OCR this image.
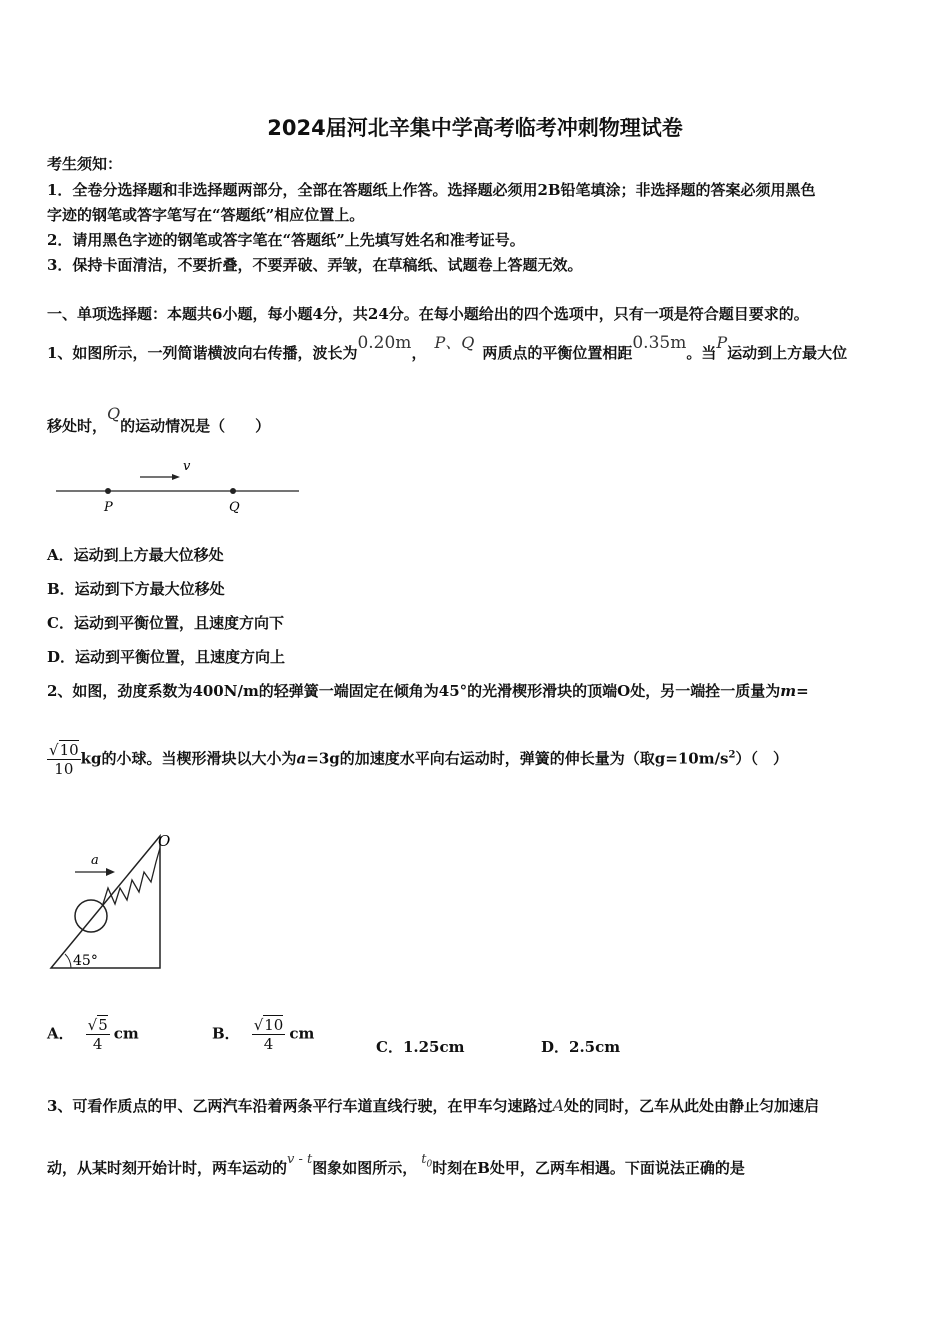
2024届河北辛集中学高考临考冲刺物理试卷
考生须知：
1．全卷分选择题和非选择题两部分，全部在答题纸上作答。选择题必须用2B铅笔填涂；非选择题的答案必须用黑色
字迹的钢笔或答字笔写在“答题纸”相应位置上。
2．请用黑色字迹的钢笔或答字笔在“答题纸”上先填写姓名和准考证号。
3．保持卡面清洁，不要折叠，不要弄破、弄皱，在草稿纸、试题卷上答题无效。
一、单项选择题：本题共6小题，每小题4分，共24分。在每小题给出的四个选项中，只有一项是符合题目要求的。
1、如图所示，一列简谐横波向右传播，波长为0.20m，P、Q两质点的平衡位置相距0.35m。当P运动到上方最大位
移处时，Q的运动情况是（　　）
v
P	Q
A．运动到上方最大位移处
B．运动到下方最大位移处
C．运动到平衡位置，且速度方向下
D．运动到平衡位置，且速度方向上
2、如图，劲度系数为400N/m的轻弹簧一端固定在倾角为45°的光滑楔形滑块的顶端O处，另一端拴一质量为m=
$\frac{√10}{10}$ kg的小球。当楔形滑块以大小为a=3g的加速度水平向右运动时，弹簧的伸长量为（取$g=10m/s^2$）（　）
a
O
45°
A． $\frac{√5}{4}$ cm	B． $\frac{√10}{4}$ cm
C．1.25cm	D．2.5cm
3、可看作质点的甲、乙两汽车沿着两条平行车道直线行驶，在甲车匀速路过A处的同时，乙车从此处由静止匀加速启
动，从某时刻开始计时，两车运动的v - t图象如图所示， $t_0$时刻在B处甲，乙两车相遇。下面说法正确的是
